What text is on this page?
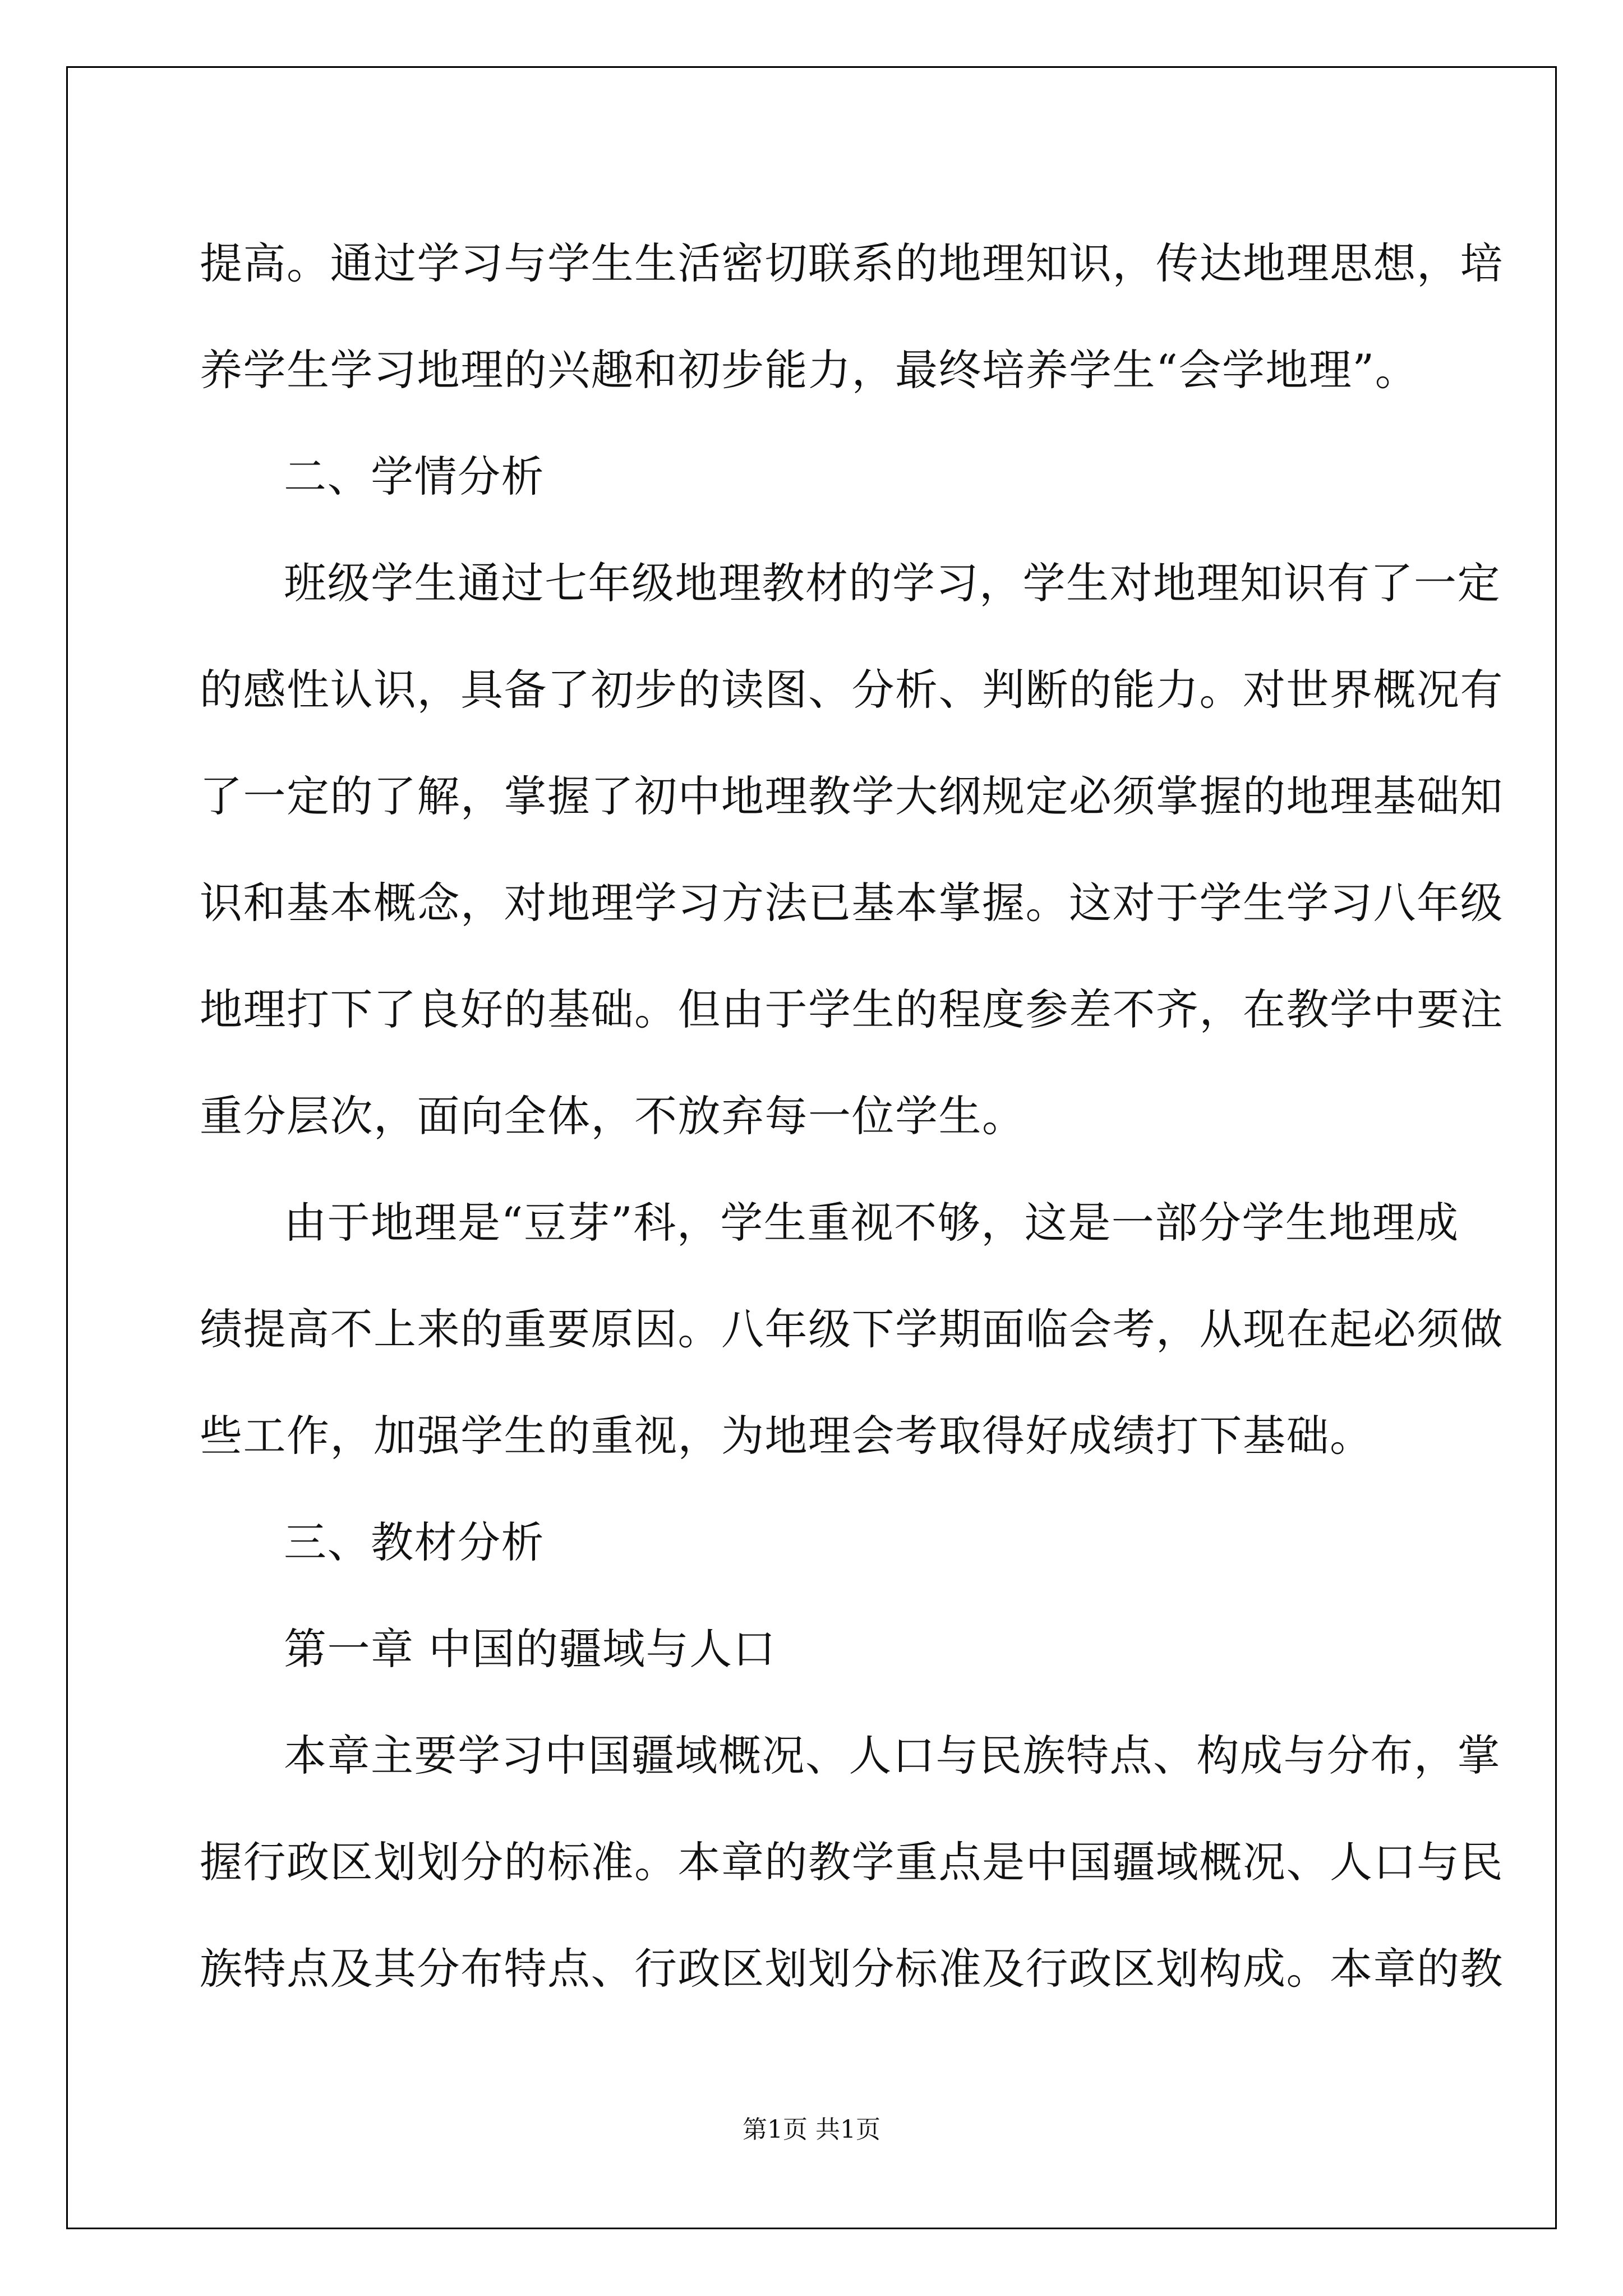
提高。通过学习与学生生活密切联系的地理知识，传达地理思想，培
养学生学习地理的兴趣和初步能力，最终培养学生“会学地理”。
二、学情分析
班级学生通过七年级地理教材的学习，学生对地理知识有了一定
的感性认识，具备了初步的读图、分析、判断的能力。对世界概况有
了一定的了解，掌握了初中地理教学大纲规定必须掌握的地理基础知
识和基本概念，对地理学习方法已基本掌握。这对于学生学习八年级
地理打下了良好的基础。但由于学生的程度参差不齐，在教学中要注
重分层次，面向全体，不放弃每一位学生。
由于地理是“豆芽”科，学生重视不够，这是一部分学生地理成
绩提高不上来的重要原因。八年级下学期面临会考，从现在起必须做
些工作，加强学生的重视，为地理会考取得好成绩打下基础。
三、教材分析
第一章 中国的疆域与人口
本章主要学习中国疆域概况、人口与民族特点、构成与分布，掌
握行政区划划分的标准。本章的教学重点是中国疆域概况、人口与民
族特点及其分布特点、行政区划划分标准及行政区划构成。本章的教
第1页 共1页
